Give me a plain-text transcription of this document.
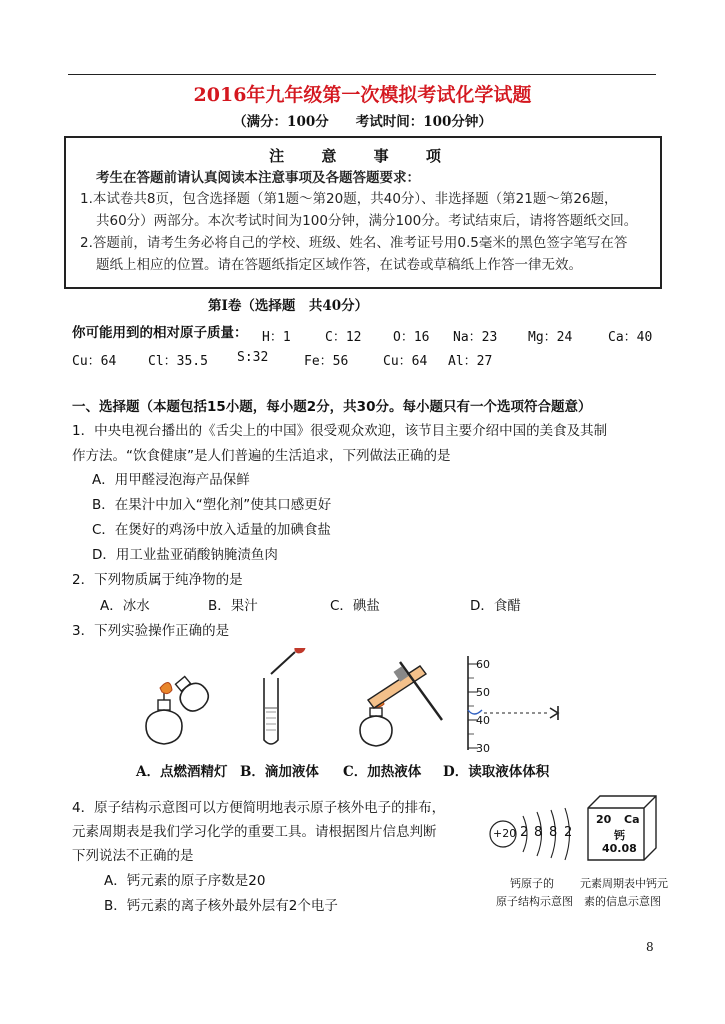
2016年九年级第一次模拟考试化学试题
（满分：100分　　考试时间：100分钟）
注 意 事 项
考生在答题前请认真阅读本注意事项及各题答题要求：
1.本试卷共8页，包含选择题（第1题～第20题，共40分）、非选择题（第21题～第26题，
共60分）两部分。本次考试时间为100分钟，满分100分。考试结束后，请将答题纸交回。
2.答题前，请考生务必将自己的学校、班级、姓名、准考证号用0.5毫米的黑色签字笔写在答
题纸上相应的位置。请在答题纸指定区域作答，在试卷或草稿纸上作答一律无效。
第Ⅰ卷（选择题　共40分）
你可能用到的相对原子质量： H：1	C：12 O：16 Na：23 Mg：24	Ca：40
Cu：64 Cl：35.5 S:32	Fe：56	Cu：64 Al：27
一、选择题（本题包括15小题，每小题2分，共30分。每小题只有一个选项符合题意）
1．中央电视台播出的《舌尖上的中国》很受观众欢迎，该节目主要介绍中国的美食及其制
作方法。“饮食健康”是人们普遍的生活追求，下列做法正确的是
A．用甲醛浸泡海产品保鲜
B．在果汁中加入“塑化剂”使其口感更好
C．在煲好的鸡汤中放入适量的加碘食盐
D．用工业盐亚硝酸钠腌渍鱼肉
2．下列物质属于纯净物的是
A．冰水	B．果汁	C．碘盐	D．食醋
3．下列实验操作正确的是
60
50
40
30
A．点燃酒精灯 B．滴加液体 C．加热液体 D．读取液体体积
4．原子结构示意图可以方便简明地表示原子核外电子的排布，
元素周期表是我们学习化学的重要工具。请根据图片信息判断
下列说法不正确的是
A．钙元素的原子序数是20
B．钙元素的离子核外最外层有2个电子
+20 2 8 8 2
20 Ca
钙
40.08
钙原子的
原子结构示意图
元素周期表中钙元
素的信息示意图
8
